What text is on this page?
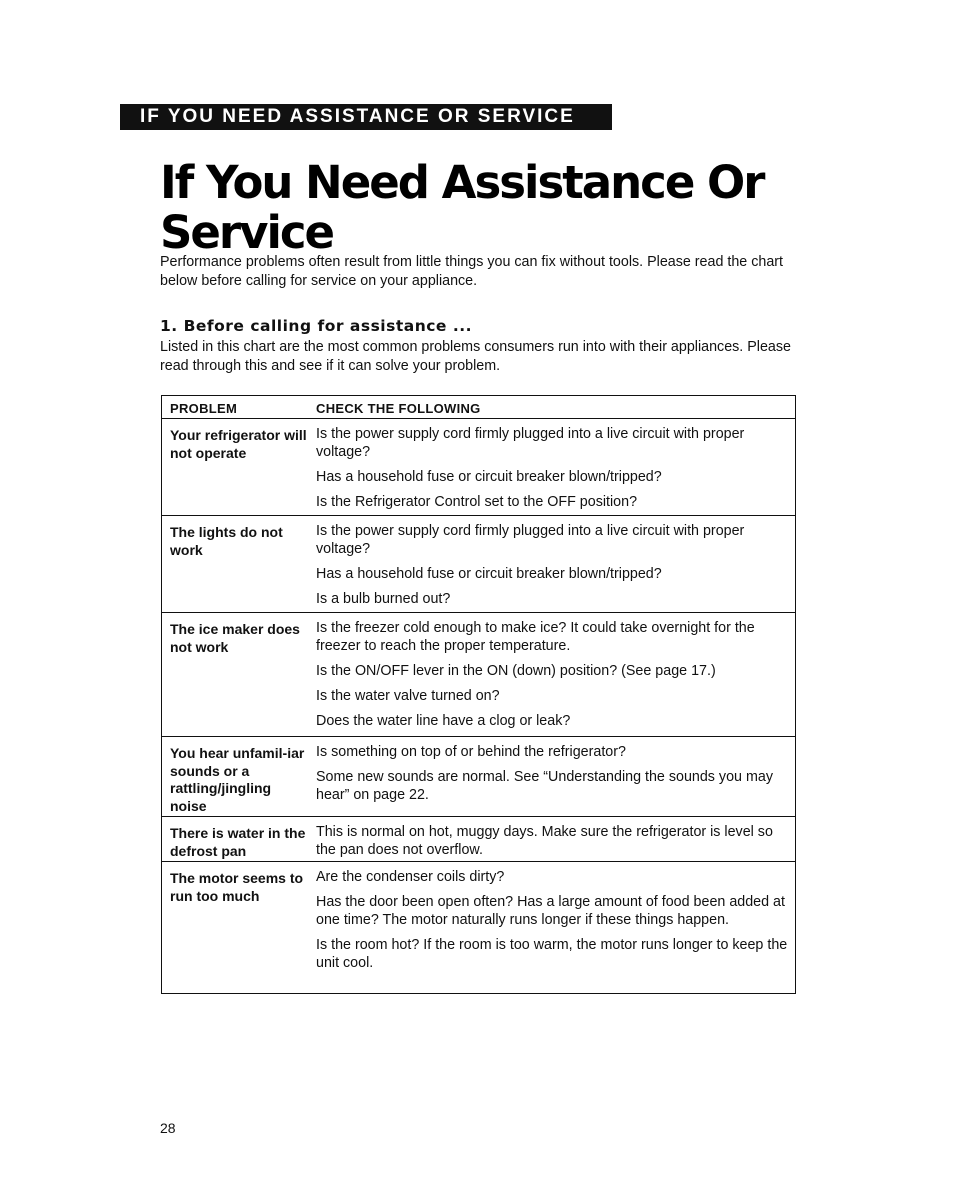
IF YOU NEED ASSISTANCE OR SERVICE
If You Need Assistance Or Service

Performance problems often result from little things you can fix without tools. Please read the chart below before calling for service on your appliance.

1. Before calling for assistance ...

Listed in this chart are the most common problems consumers run into with their appliances. Please read through this and see if it can solve your problem.

PROBLEM	CHECK THE FOLLOWING
Your refrigerator will not operate

Is the power supply cord firmly plugged into a live circuit with proper voltage?

Has a household fuse or circuit breaker blown/tripped?

Is the Refrigerator Control set to the OFF position?

The lights do not work

Is the power supply cord firmly plugged into a live circuit with proper voltage?

Has a household fuse or circuit breaker blown/tripped?

Is a bulb burned out?

The ice maker does not work

Is the freezer cold enough to make ice? It could take overnight for the freezer to reach the proper temperature.

Is the ON/OFF lever in the ON (down) position? (See page 17.)

Is the water valve turned on?

Does the water line have a clog or leak?

You hear unfamil-iar sounds or a rattling/jingling noise

Is something on top of or behind the refrigerator?

Some new sounds are normal. See “Understanding the sounds you may hear” on page 22.

There is water in the defrost pan

This is normal on hot, muggy days. Make sure the refrigerator is level so the pan does not overflow.

The motor seems to run too much

Are the condenser coils dirty?

Has the door been open often? Has a large amount of food been added at one time? The motor naturally runs longer if these things happen.

Is the room hot? If the room is too warm, the motor runs longer to keep the unit cool.

28
